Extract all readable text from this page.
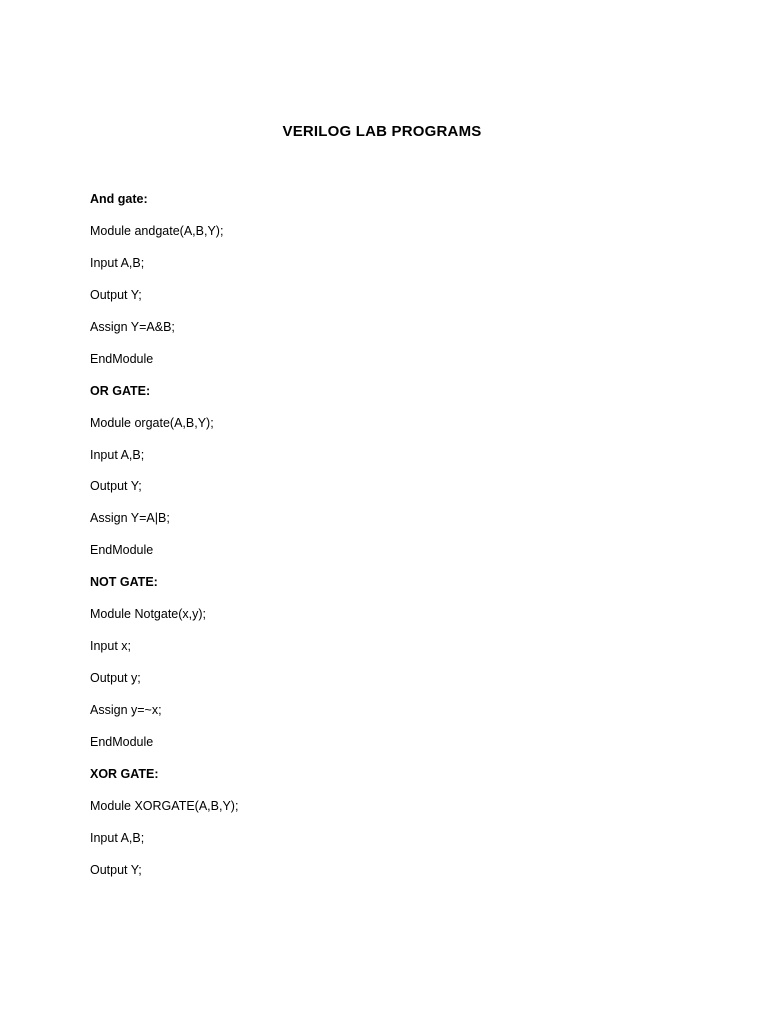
VERILOG LAB PROGRAMS
And gate:
Module andgate(A,B,Y);
Input A,B;
Output Y;
Assign Y=A&B;
EndModule
OR GATE:
Module orgate(A,B,Y);
Input A,B;
Output Y;
Assign Y=A|B;
EndModule
NOT GATE:
Module Notgate(x,y);
Input x;
Output y;
Assign y=~x;
EndModule
XOR GATE:
Module XORGATE(A,B,Y);
Input A,B;
Output Y;
